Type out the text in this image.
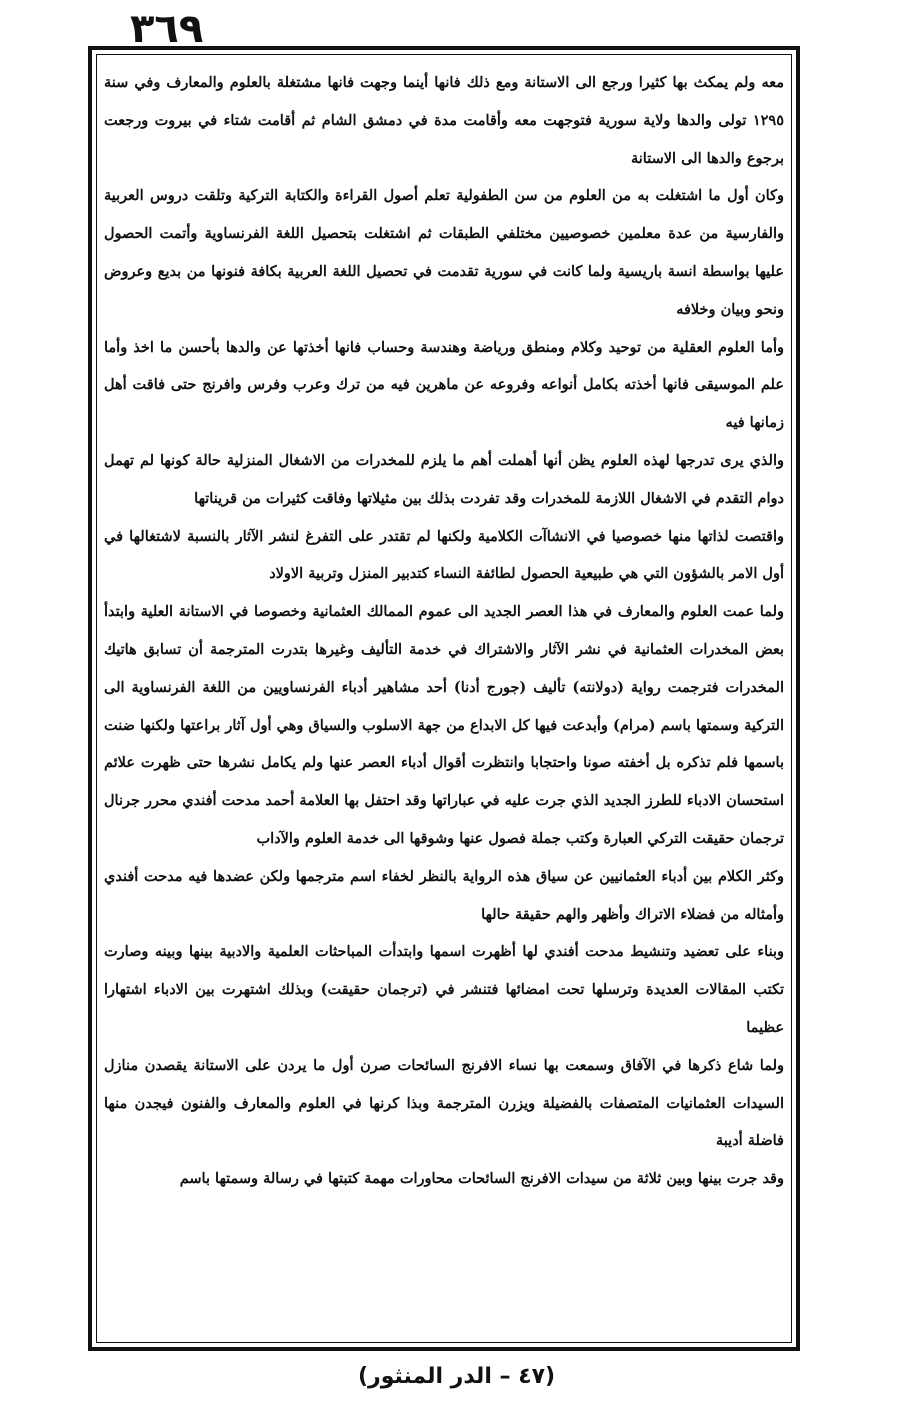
٣٦٩

معه ولم يمكث بها كثيرا ورجع الى الاستانة ومع ذلك فانها أينما وجهت فانها مشتغلة بالعلوم والمعارف وفي سنة ١٢٩٥ تولى والدها ولاية سورية فتوجهت معه وأقامت مدة في دمشق الشام ثم أقامت شتاء في بيروت ورجعت برجوع والدها الى الاستانة

وكان أول ما اشتغلت به من العلوم من سن الطفولية تعلم أصول القراءة والكتابة التركية وتلقت دروس العربية والفارسية من عدة معلمين خصوصيين مختلفي الطبقات ثم اشتغلت بتحصيل اللغة الفرنساوية وأتمت الحصول عليها بواسطة انسة باريسية ولما كانت في سورية تقدمت في تحصيل اللغة العربية بكافة فنونها من بديع وعروض ونحو وبيان وخلافه

وأما العلوم العقلية من توحيد وكلام ومنطق ورياضة وهندسة وحساب فانها أخذتها عن والدها بأحسن ما اخذ وأما علم الموسيقى فانها أخذته بكامل أنواعه وفروعه عن ماهرين فيه من ترك وعرب وفرس وافرنج حتى فاقت أهل زمانها فيه

والذي يرى تدرجها لهذه العلوم يظن أنها أهملت أهم ما يلزم للمخدرات من الاشغال المنزلية حالة كونها لم تهمل دوام التقدم في الاشغال اللازمة للمخدرات وقد تفردت بذلك بين مثيلاتها وفاقت كثيرات من قريناتها

واقتصت لذاتها منها خصوصيا في الانشاآت الكلامية ولكنها لم تقتدر على التفرغ لنشر الآثار بالنسبة لاشتغالها في أول الامر بالشؤون التي هي طبيعية الحصول لطائفة النساء كتدبير المنزل وتربية الاولاد

ولما عمت العلوم والمعارف في هذا العصر الجديد الى عموم الممالك العثمانية وخصوصا في الاستانة العلية وابتدأ بعض المخدرات العثمانية في نشر الآثار والاشتراك في خدمة التأليف وغيرها بتدرت المترجمة أن تسابق هاتيك المخدرات فترجمت رواية (دولانته) تأليف (جورج أدنا) أحد مشاهير أدباء الفرنساويين من اللغة الفرنساوية الى التركية وسمتها باسم (مرام) وأبدعت فيها كل الابداع من جهة الاسلوب والسياق وهي أول آثار براعتها ولكنها ضنت باسمها فلم تذكره بل أخفته صونا واحتجابا وانتظرت أقوال أدباء العصر عنها ولم يكامل نشرها حتى ظهرت علائم استحسان الادباء للطرز الجديد الذي جرت عليه في عباراتها وقد احتفل بها العلامة أحمد مدحت أفندي محرر جرنال ترجمان حقيقت التركي العبارة وكتب جملة فصول عنها وشوقها الى خدمة العلوم والآداب

وكثر الكلام بين أدباء العثمانيين عن سياق هذه الرواية بالنظر لخفاء اسم مترجمها ولكن عضدها فيه مدحت أفندي وأمثاله من فضلاء الاتراك وأظهر والهم حقيقة حالها

وبناء على تعضيد وتنشيط مدحت أفندي لها أظهرت اسمها وابتدأت المباحثات العلمية والادبية بينها وبينه وصارت تكتب المقالات العديدة وترسلها تحت امضائها فتنشر في (ترجمان حقيقت) وبذلك اشتهرت بين الادباء اشتهارا عظيما

ولما شاع ذكرها في الآفاق وسمعت بها نساء الافرنج السائحات صرن أول ما يردن على الاستانة يقصدن منازل السيدات العثمانيات المتصفات بالفضيلة ويزرن المترجمة وبذا كرنها في العلوم والمعارف والفنون فيجدن منها فاضلة أديبة

وقد جرت بينها وبين ثلاثة من سيدات الافرنج السائحات محاورات مهمة كتبتها في رسالة وسمتها باسم

(٤٧ – الدر المنثور)
